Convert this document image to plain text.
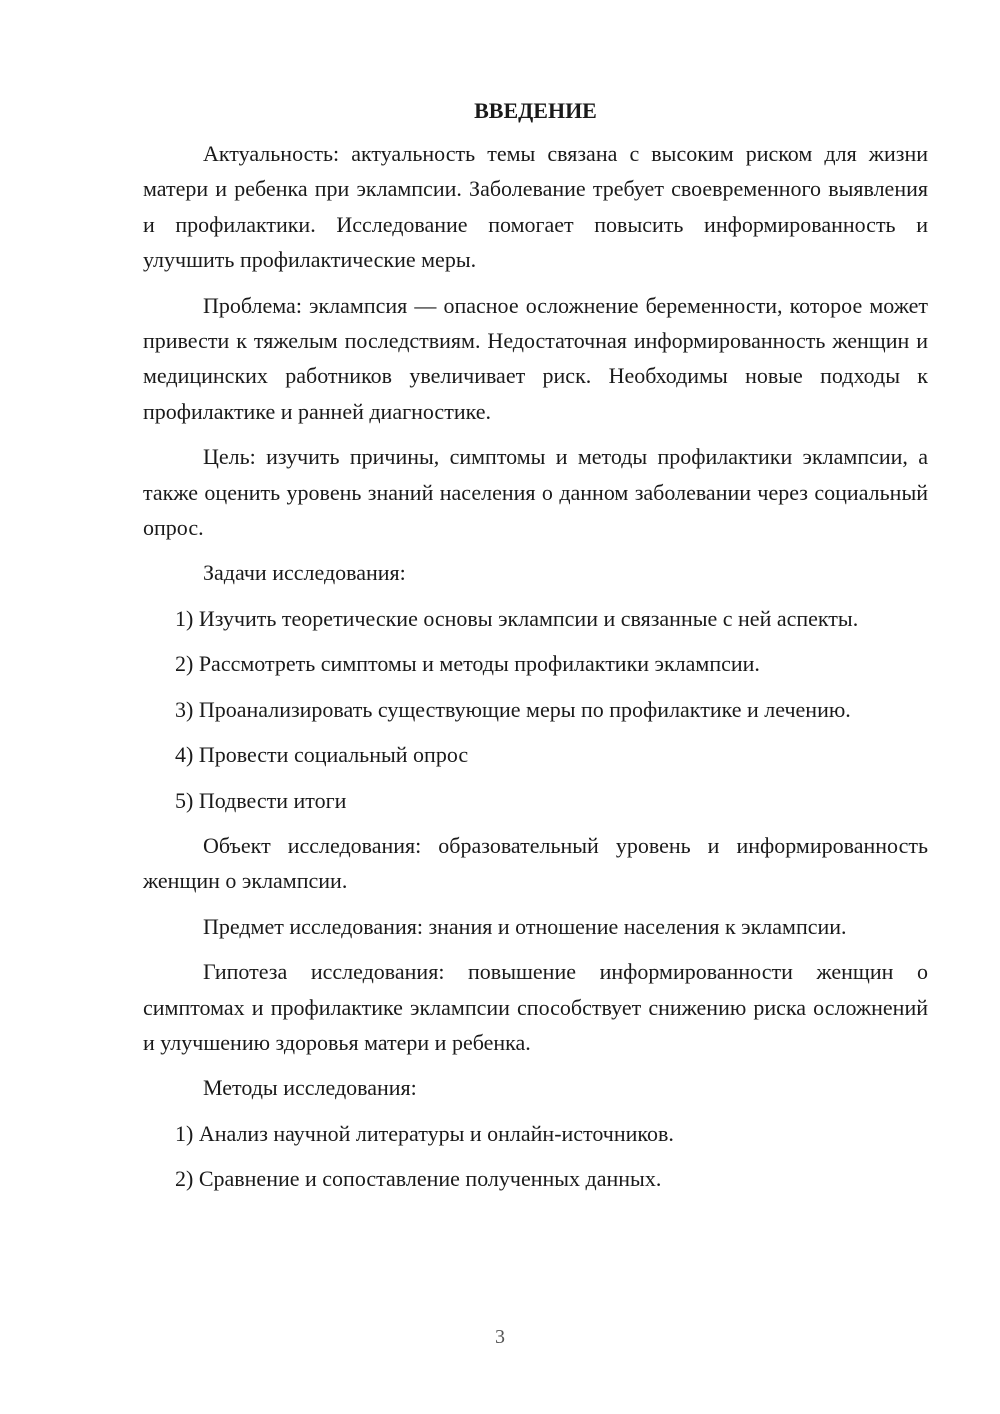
ВВЕДЕНИЕ

Актуальность: актуальность темы связана с высоким риском для жизни матери и ребенка при эклампсии. Заболевание требует своевременного выявления и профилактики. Исследование помогает повысить информированность и улучшить профилактические меры.

Проблема: эклампсия — опасное осложнение беременности, которое может привести к тяжелым последствиям. Недостаточная информированность женщин и медицинских работников увеличивает риск. Необходимы новые подходы к профилактике и ранней диагностике.

Цель: изучить причины, симптомы и методы профилактики эклампсии, а также оценить уровень знаний населения о данном заболевании через социальный опрос.

Задачи исследования:

1) Изучить теоретические основы эклампсии и связанные с ней аспекты.

2) Рассмотреть симптомы и методы профилактики эклампсии.

3) Проанализировать существующие меры по профилактике и лечению.

4) Провести социальный опрос

5) Подвести итоги

Объект исследования: образовательный уровень и информированность женщин о эклампсии.

Предмет исследования: знания и отношение населения к эклампсии.

Гипотеза исследования: повышение информированности женщин о симптомах и профилактике эклампсии способствует снижению риска осложнений и улучшению здоровья матери и ребенка.

Методы исследования:

1) Анализ научной литературы и онлайн-источников.

2) Сравнение и сопоставление полученных данных.

3
